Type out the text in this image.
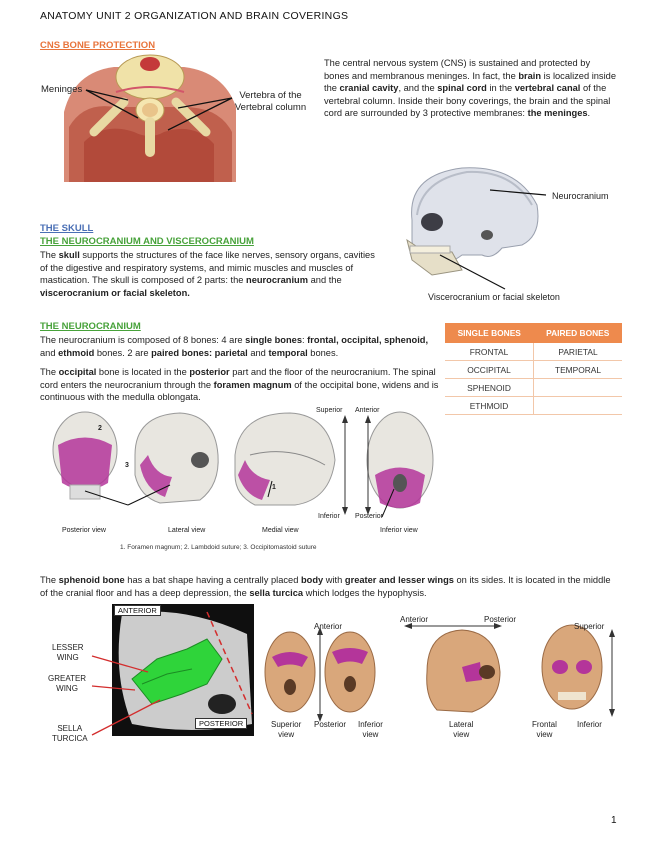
ANATOMY UNIT 2 ORGANIZATION AND BRAIN COVERINGS
CNS BONE PROTECTION
Meninges
Vertebra of the
Vertebral column
The central nervous system (CNS) is sustained and protected by bones and membranous meninges. In fact, the brain is localized inside the cranial cavity, and the spinal cord in the vertebral canal of the vertebral column. Inside their bony coverings, the brain and the spinal cord are surrounded by 3 protective membranes: the meninges.
Neurocranium
Viscerocranium or facial skeleton
THE SKULL
THE NEUROCRANIUM AND VISCEROCRANIUM
The skull supports the structures of the face like nerves, sensory organs, cavities of the digestive and respiratory systems, and mimic muscles and muscles of mastication. The skull is composed of 2 parts: the neurocranium and the viscerocranium or facial skeleton.
THE NEUROCRANIUM
The neurocranium is composed of 8 bones: 4 are single bones: frontal, occipital, sphenoid, and ethmoid bones. 2 are paired bones: parietal and temporal bones.
The occipital bone is located in the posterior part and the floor of the neurocranium. The spinal cord enters the neurocranium through the foramen magnum of the occipital bone, widens and is continuous with the medulla oblongata.
SINGLE BONES	PAIRED BONES
FRONTAL	PARIETAL
OCCIPITAL	TEMPORAL
SPHENOID	
ETHMOID	
Superior Anterior
Inferior Posterior
2
3
1
Posterior view	Lateral view	Medial view	Inferior view
1. Foramen magnum; 2. Lambdoid suture; 3. Occipitomastoid suture
The sphenoid bone has a bat shape having a centrally placed body with greater and lesser wings on its sides. It is located in the middle of the cranial floor and has a deep depression, the sella turcica which lodges the hypophysis.
ANTERIOR
POSTERIOR
LESSER
WING
GREATER
WING
SELLA
TURCICA
Anterior
Anterior	Posterior
Superior
Superior
view
Posterior Inferior
view
Lateral
view
Frontal
view
Inferior
1
